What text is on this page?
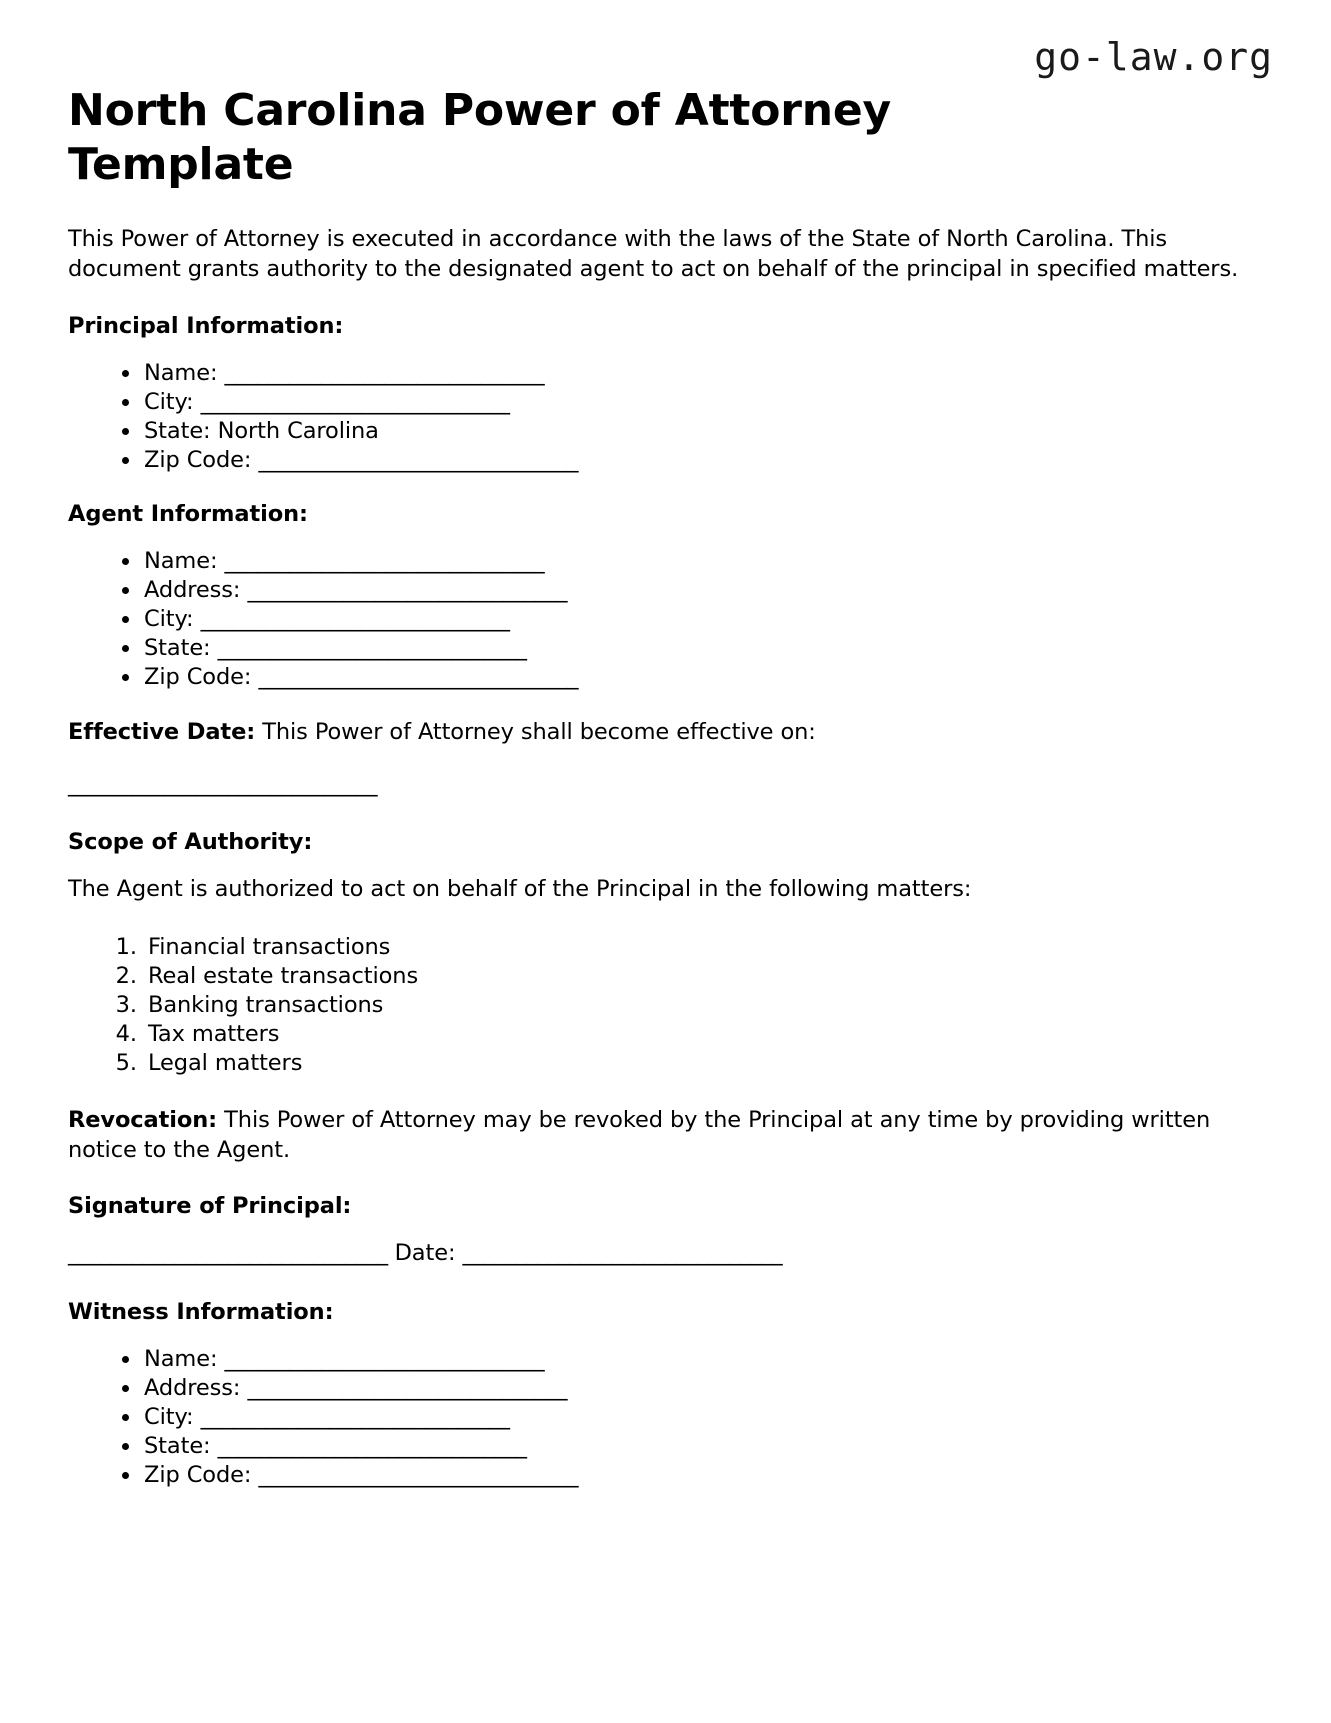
go-law.org
North Carolina Power of Attorney Template

This Power of Attorney is executed in accordance with the laws of the State of North Carolina. This document grants authority to the designated agent to act on behalf of the principal in specified matters.

Principal Information:
• Name: ______________________________
• City: _____________________________
• State: North Carolina
• Zip Code: ______________________________
Agent Information:
• Name: ______________________________
• Address: ______________________________
• City: _____________________________
• State: _____________________________
• Zip Code: ______________________________

Effective Date: This Power of Attorney shall become effective on:

_____________________________

Scope of Authority:

The Agent is authorized to act on behalf of the Principal in the following matters:

1. Financial transactions
2. Real estate transactions
3. Banking transactions
4. Tax matters
5. Legal matters

Revocation: This Power of Attorney may be revoked by the Principal at any time by providing written notice to the Agent.

Signature of Principal:

______________________________ Date: ______________________________

Witness Information:
• Name: ______________________________
• Address: ______________________________
• City: _____________________________
• State: _____________________________
• Zip Code: ______________________________
